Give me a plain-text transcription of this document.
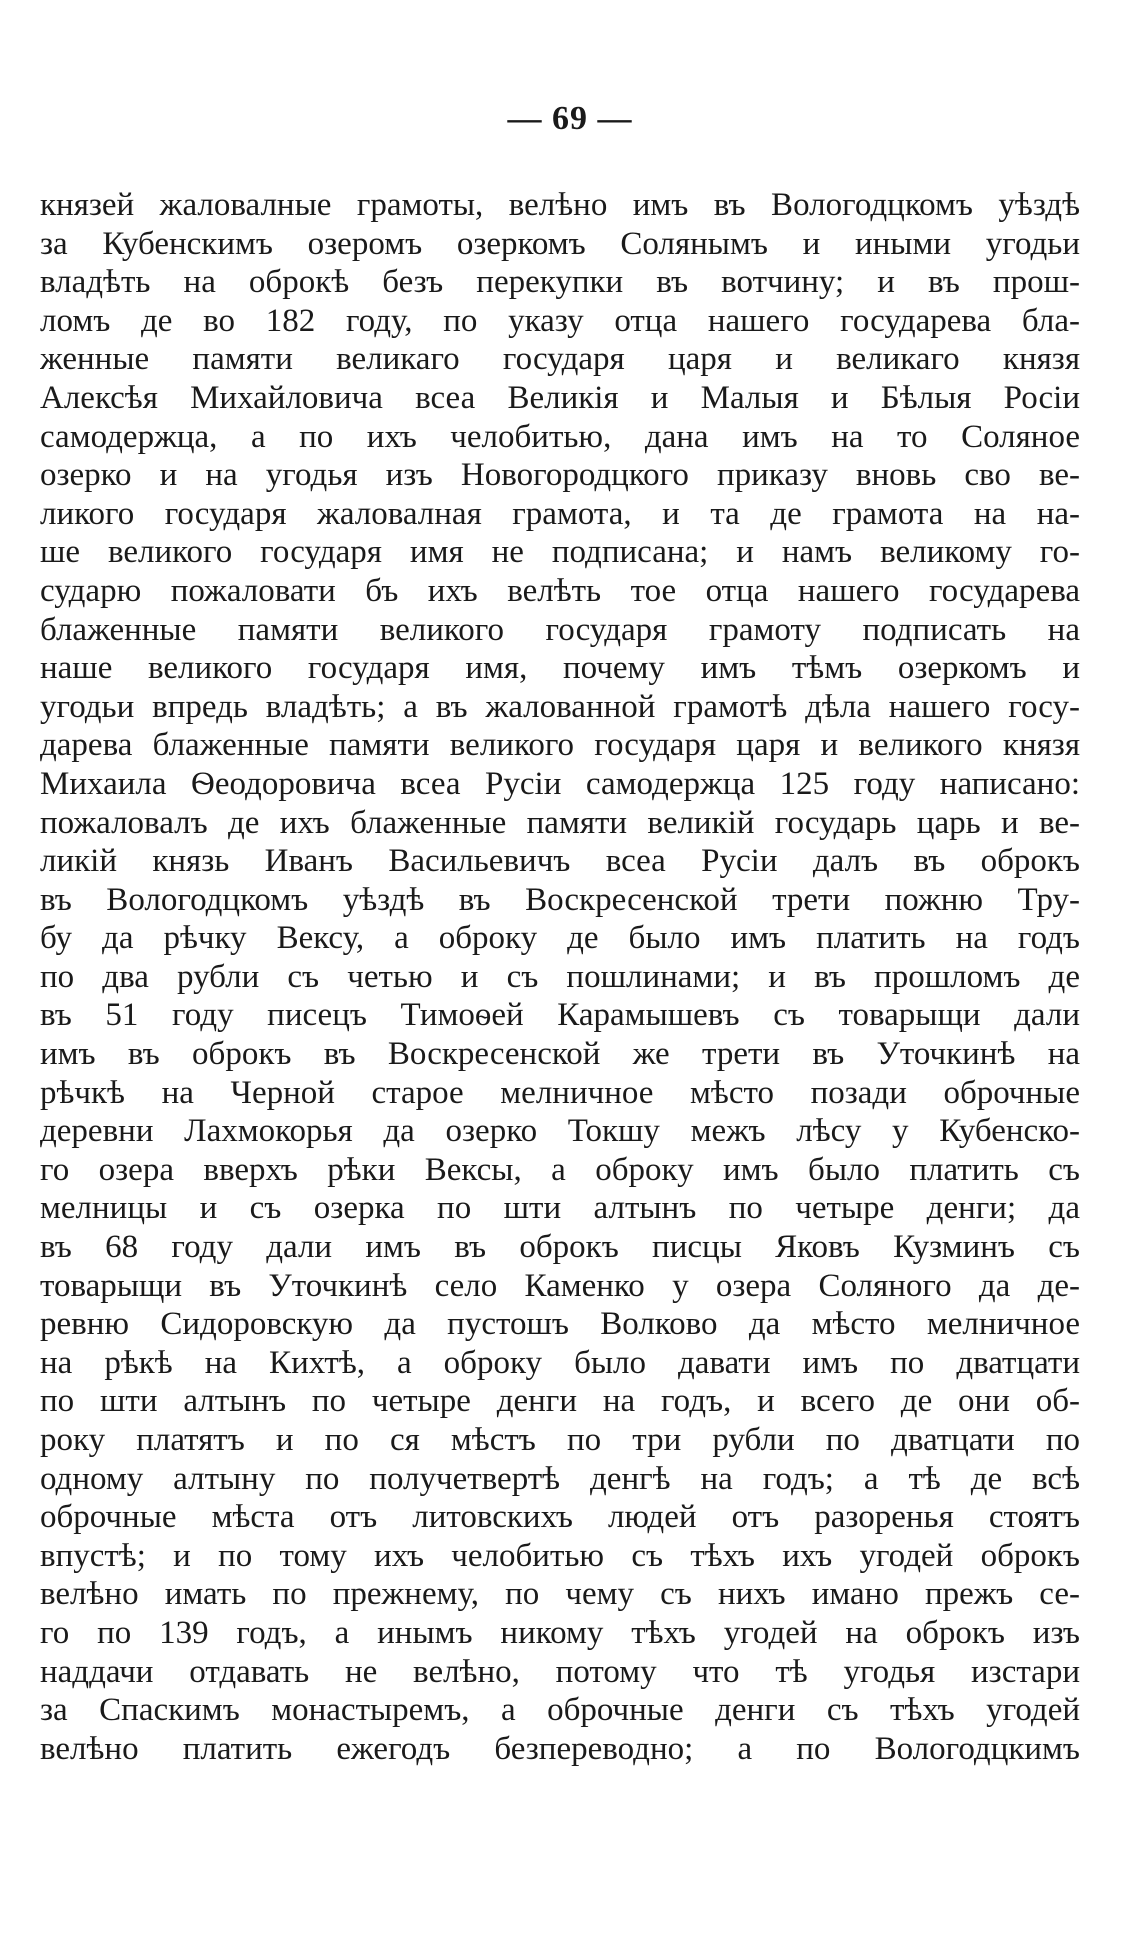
— 69 —
князей жаловалные грамоты, велѣно имъ въ Вологодцкомъ уѣздѣ
за Кубенскимъ озеромъ озеркомъ Солянымъ и иными угодьи
владѣть на оброкѣ безъ перекупки въ вотчину; и въ прош-
ломъ де во 182 году, по указу отца нашего государева бла-
женные памяти великаго государя царя и великаго князя
Алексѣя Михайловича всеа Великія и Малыя и Бѣлыя Росіи
самодержца, а по ихъ челобитью, дана имъ на то Соляное
озерко и на угодья изъ Новогородцкого приказу вновь сво ве-
ликого государя жаловалная грамота, и та де грамота на на-
ше великого государя имя не подписана; и намъ великому го-
сударю пожаловати бъ ихъ велѣть тое отца нашего государева
блаженные памяти великого государя грамоту подписать на
наше великого государя имя, почему имъ тѣмъ озеркомъ и
угодьи впредь владѣть; а въ жалованной грамотѣ дѣла нашего госу-
дарева блаженные памяти великого государя царя и великого князя
Михаила Ѳеодоровича всеа Русіи самодержца 125 году написано:
пожаловалъ де ихъ блаженные памяти великій государь царь и ве-
ликій князь Иванъ Васильевичъ всеа Русіи далъ въ оброкъ
въ Вологодцкомъ уѣздѣ въ Воскресенской трети пожню Тру-
бу да рѣчку Вексу, а оброку де было имъ платить на годъ
по два рубли съ четью и съ пошлинами; и въ прошломъ де
въ 51 году писецъ Тимоѳей Карамышевъ съ товарыщи дали
имъ въ оброкъ въ Воскресенской же трети въ Уточкинѣ на
рѣчкѣ на Черной старое мелничное мѣсто позади оброчные
деревни Лахмокорья да озерко Токшу межъ лѣсу у Кубенско-
го озера вверхъ рѣки Вексы, а оброку имъ было платить съ
мелницы и съ озерка по шти алтынъ по четыре денги; да
въ 68 году дали имъ въ оброкъ писцы Яковъ Кузминъ съ
товарыщи въ Уточкинѣ село Каменко у озера Соляного да де-
ревню Сидоровскую да пустошъ Волково да мѣсто мелничное
на рѣкѣ на Кихтѣ, а оброку было давати имъ по дватцати
по шти алтынъ по четыре денги на годъ, и всего де они об-
року платятъ и по ся мѣстъ по три рубли по дватцати по
одному алтыну по получетвертѣ денгѣ на годъ; а тѣ де всѣ
оброчные мѣста отъ литовскихъ людей отъ разоренья стоятъ
впустѣ; и по тому ихъ челобитью съ тѣхъ ихъ угодей оброкъ
велѣно имать по прежнему, по чему съ нихъ имано прежъ се-
го по 139 годъ, а инымъ никому тѣхъ угодей на оброкъ изъ
наддачи отдавать не велѣно, потому что тѣ угодья изстари
за Спаскимъ монастыремъ, а оброчные денги съ тѣхъ угодей
велѣно платить ежегодъ безпереводно; а по Вологодцкимъ
